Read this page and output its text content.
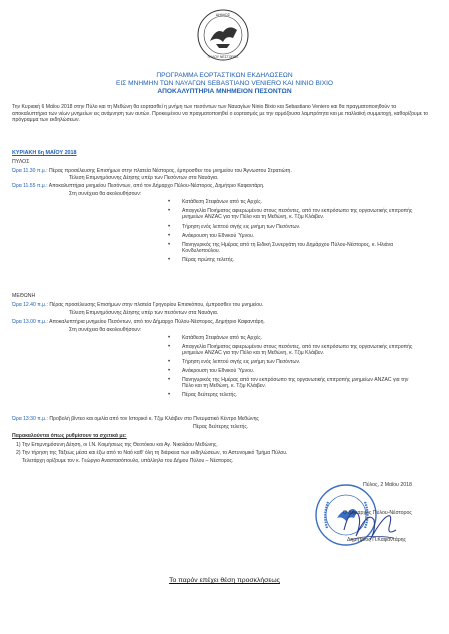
ΔΗΜΟΣ
ΠΥΛΟΥ ΝΕΣΤΟΡΟΣ
ΠΡΟΓΡΑΜΜΑ ΕΟΡΤΑΣΤΙΚΩΝ ΕΚΔΗΛΩΣΕΩΝ
ΕΙΣ ΜΝΗΜΗΝ ΤΩΝ ΝΑΥΑΓΩΝ SEBASTIANO VENIERO ΚΑΙ ΝΙΝΙΟ ΒΙΧΙΟ
ΑΠΟΚΑΛΥΠΤΗΡΙΑ ΜΝΗΜΕΙΟΝ ΠΕΣΟΝΤΩΝ
Την Κυριακή 6 Μαΐου 2018 στην Πύλο και τη Μεθώνη θα εορτασθεί η μνήμη των πεσόντων των Ναυαγίων Ninio Bixio και Sebastiano Veniero και θα πραγματοποιηθούν τα αποκαλυπτήρια των νέων μνημείων εις ανάμνηση των αυτών. Προκειμένου να πραγματοποιηθεί ο εορτασμός με την αρμόζουσα λαμπρότητα και με παλλαϊκή συμμετοχή, καθορίζουμε το πρόγραμμα των εκδηλώσεων.
ΚΥΡΙΑΚΗ 6η ΜΑΪΟΥ 2018
ΠΥΛΟΣ
Ώρα 11.30 π.μ.: Πέρας προσέλευσης Επισήμων στην πλατεία Νέστορος, έμπροσθεν του μνημείου του Άγνωστου Στρατιώτη.
Τέλεση Επιμνημόσυνης Δέησης υπέρ των Πεσόντων στα Ναυάγια.
Ώρα 11.55 π.μ.: Αποκαλυπτήρια μνημείου Πεσόντων, από τον Δήμαρχο Πύλου-Νέστορος, Δημήτριο Καφαντάρη.
Στη συνέχεια θα ακολουθήσουν:
• Κατάθεση Στεφάνων από τις Αρχές.
• Απαγγελία Ποιήματος αφιερωμένου στους πεσόντες, από τον εκπρόσωπο της οργανωτικής επιτροπής μνημείων ANZAC για την Πύλο και τη Μεθώνη, κ. Τζιμ Κλάιβεν.
• Τήρηση ενός λεπτού σιγής εις μνήμη των Πεσόντων.
• Ανάκρουση του Εθνικού Ύμνου.
• Πανηγυρικός της Ημέρας από τη Ειδική Συνεργάτη του Δημάρχου Πύλου-Νέστορος, κ. Ηλιάνα Κονδυλοπούλου.
• Πέρας πρώτης τελετής.
ΜΕΘΩΝΗ
Ώρα 12.40 π.μ.: Πέρας προσέλευσης Επισήμων στην πλατεία Γρηγορίου Επισκόπου, έμπροσθεν του μνημείου.
Τέλεση Επιμνημόσυνης Δέησης υπέρ των πεσόντων στα Ναυάγια.
Ώρα 13.00 π.μ.: Αποκαλυπτήρια μνημείου Πεσόντων, από τον Δήμαρχο Πύλου-Νέστορος, Δημήτριο Καφαντάρη.
Στη συνέχεια θα ακολουθήσουν:
• Κατάθεση Στεφάνων από τις Αρχές.
• Απαγγελία Ποιήματος αφιερωμένου στους πεσόντες, από τον εκπρόσωπο της οργανωτικής επιτροπής μνημείων ANZAC για την Πύλο και τη Μεθώνη, κ. Τζιμ Κλάιβεν.
• Τήρηση ενός λεπτού σιγής εις μνήμη των Πεσόντων.
• Ανάκρουση του Εθνικού Ύμνου.
• Πανηγυρικός της Ημέρας από τον εκπρόσωπο της οργανωτικής επιτροπής μνημείων ANZAC για την Πύλο και τη Μεθώνη, κ. Τζιμ Κλάιβεν.
• Πέρας δεύτερης τελετής.
Ώρα 13:30 π.μ.: Προβολή βίντεο και ομιλία από τον Ιστορικό κ. Τζιμ Κλάιβεν στο Πνευματικό Κέντρο Μεθώνης
Πέρας δεύτερης τελετής.
Παρακαλούνται όπως ρυθμίσουν τα σχετικά με:
1) Την Επιμνημόσυνη Δέηση, οι Ι.Ν. Κοιμήσεως της Θεοτόκου και Αγ. Νικολάου Μεθώνης.
2) Την τήρηση της Τάξεως μέσα και έξω από το Ναό καθ' όλη τη διάρκεια των εκδηλώσεων, το Αστυνομικό Τμήμα Πύλου.
Τελετάρχη ορίζουμε τον κ. Γεώργιο Αναστασόπουλο, υπάλληλο του Δήμου Πύλου – Νέστορος.
Πύλος, 2 Μαΐου 2018
Ο Δήμαρχος Πύλου-Νέστορος
Δημήτριος Π.Καφαντάρης
Το παρόν επέχει θέση προσκλήσεως
